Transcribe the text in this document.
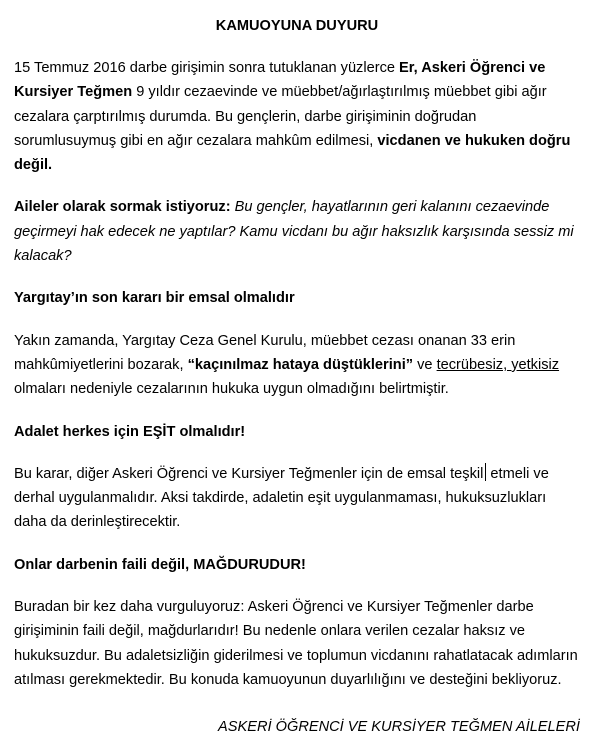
KAMUOYUNA DUYURU

15 Temmuz 2016 darbe girişimin sonra tutuklanan yüzlerce Er, Askeri Öğrenci ve Kursiyer Teğmen 9 yıldır cezaevinde ve müebbet/ağırlaştırılmış müebbet gibi ağır cezalara çarptırılmış durumda. Bu gençlerin, darbe girişiminin doğrudan sorumlusuymuş gibi en ağır cezalara mahkûm edilmesi, vicdanen ve hukuken doğru değil.

Aileler olarak sormak istiyoruz: Bu gençler, hayatlarının geri kalanını cezaevinde geçirmeyi hak edecek ne yaptılar? Kamu vicdanı bu ağır haksızlık karşısında sessiz mi kalacak?

Yargıtay’ın son kararı bir emsal olmalıdır

Yakın zamanda, Yargıtay Ceza Genel Kurulu, müebbet cezası onanan 33 erin mahkûmiyetlerini bozarak, “kaçınılmaz hataya düştüklerini” ve tecrübesiz, yetkisiz olmaları nedeniyle cezalarının hukuka uygun olmadığını belirtmiştir.

Adalet herkes için EŞİT olmalıdır!

Bu karar, diğer Askeri Öğrenci ve Kursiyer Teğmenler için de emsal teşkil etmeli ve derhal uygulanmalıdır. Aksi takdirde, adaletin eşit uygulanmaması, hukuksuzlukları daha da derinleştirecektir.

Onlar darbenin faili değil, MAĞDURUDUR!

Buradan bir kez daha vurguluyoruz: Askeri Öğrenci ve Kursiyer Teğmenler darbe girişiminin faili değil, mağdurlarıdır! Bu nedenle onlara verilen cezalar haksız ve hukuksuzdur. Bu adaletsizliğin giderilmesi ve toplumun vicdanını rahatlatacak adımların atılması gerekmektedir. Bu konuda kamuoyunun duyarlılığını ve desteğini bekliyoruz.

ASKERİ ÖĞRENCİ VE KURSİYER TEĞMEN AİLELERİ
